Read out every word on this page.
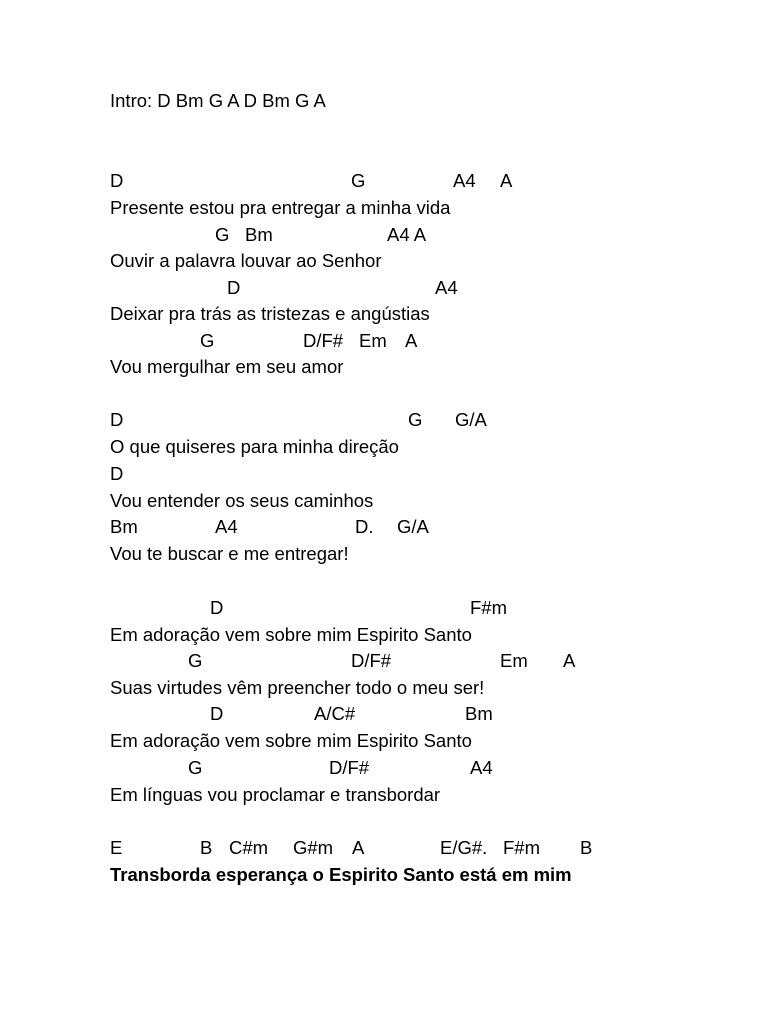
Intro: D Bm G A D Bm G A
D	G	A4 A
Presente estou pra entregar a minha vida
G Bm	A4 A
Ouvir a palavra louvar ao Senhor
D	A4
Deixar pra trás as tristezas e angústias
G	D/F# Em A
Vou mergulhar em seu amor
D	G G/A
O que quiseres para minha direção
D
Vou entender os seus caminhos
Bm	A4	D. G/A
Vou te buscar e me entregar!
D	F#m
Em adoração vem sobre mim Espirito Santo
G	D/F#	Em A
Suas virtudes vêm preencher todo o meu ser!
D	A/C#	Bm
Em adoração vem sobre mim Espirito Santo
G	D/F#	A4
Em línguas vou proclamar e transbordar
E	B C#m G#m A	E/G#. F#m B
Transborda esperança o Espirito Santo está em mim
